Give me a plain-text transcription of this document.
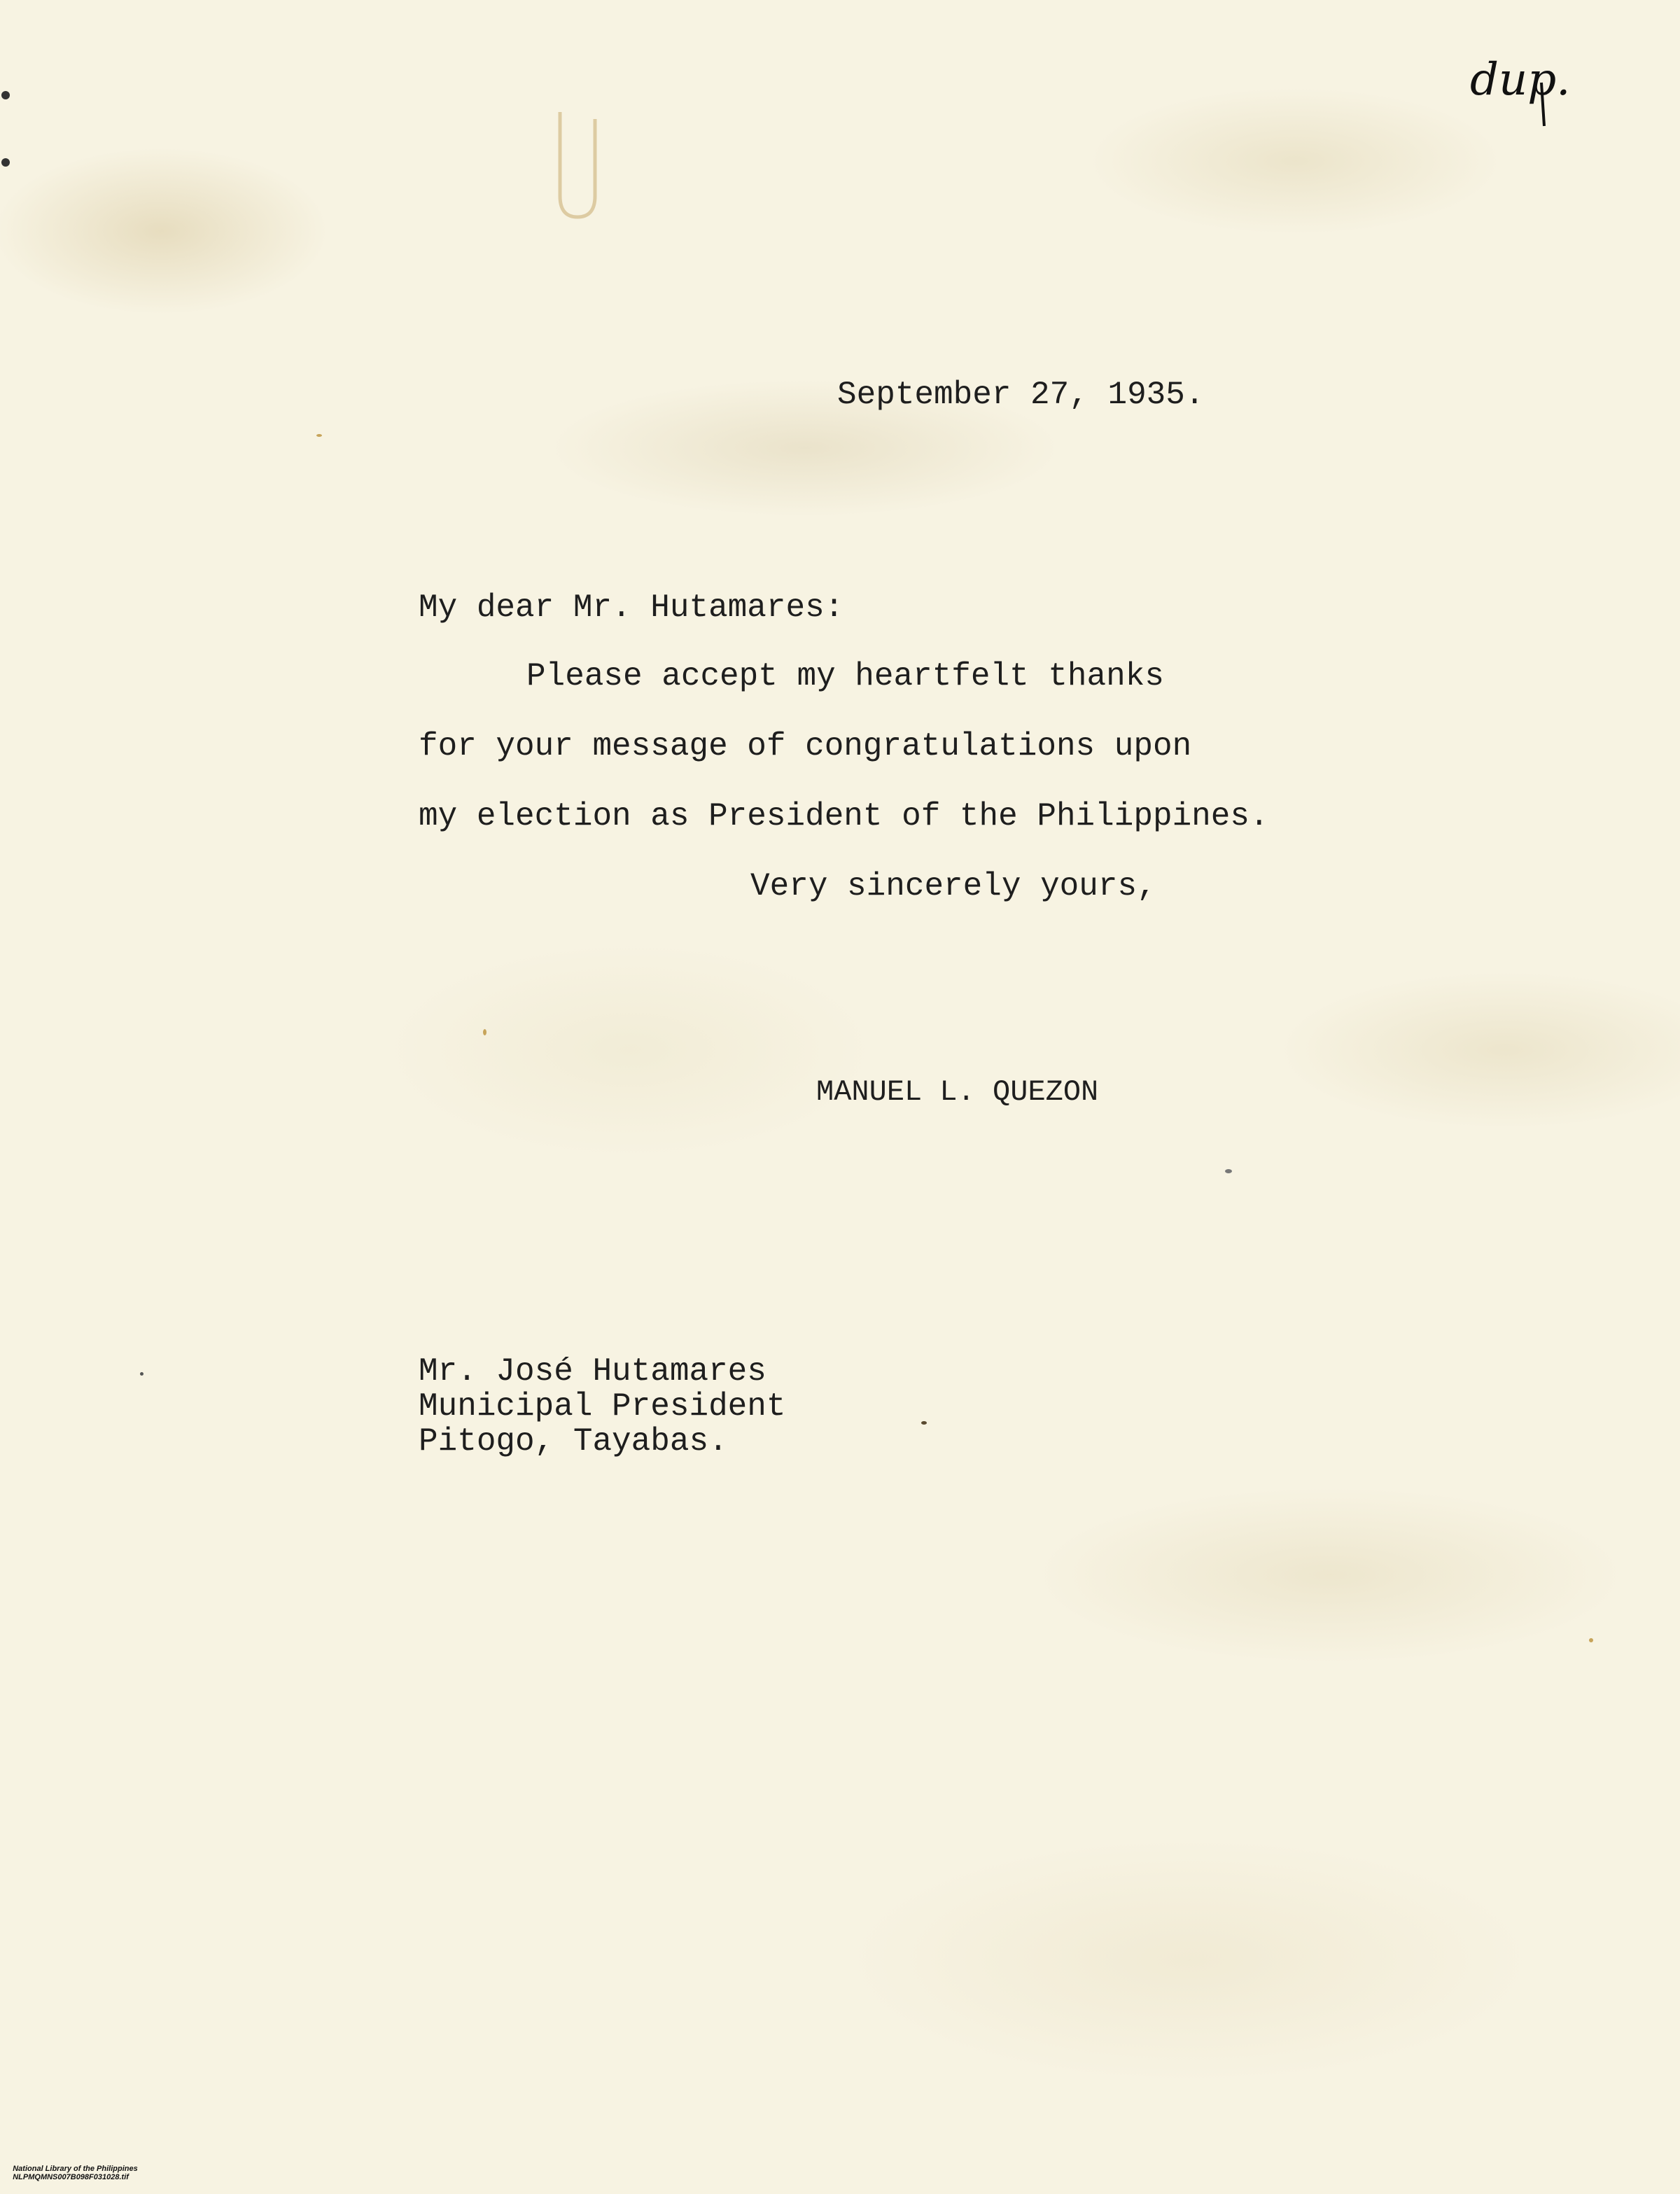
dup.

September 27, 1935.

My dear Mr. Hutamares:

Please accept my heartfelt thanks

for your message of congratulations upon

my election as President of the Philippines.

Very sincerely yours,

MANUEL L. QUEZON

Mr. José Hutamares

Municipal President

Pitogo, Tayabas.

National Library of the Philippines
NLPMQMNS007B098F031028.tif
